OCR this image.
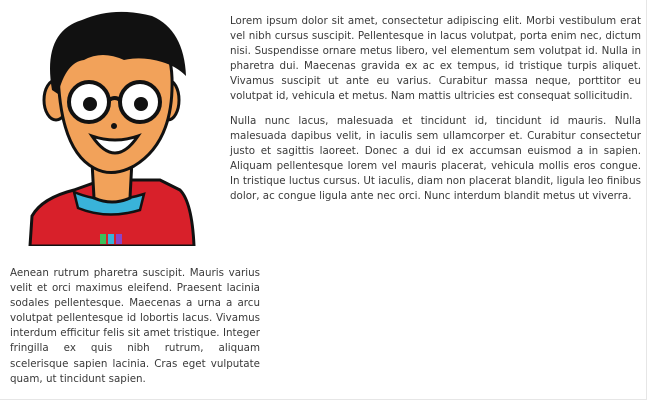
Lorem ipsum dolor sit amet, consectetur adipiscing elit. Morbi vestibulum erat vel nibh cursus suscipit. Pellentesque in lacus volutpat, porta enim nec, dictum nisi. Suspendisse ornare metus libero, vel elementum sem volutpat id. Nulla in pharetra dui. Maecenas gravida ex ac ex tempus, id tristique turpis aliquet. Vivamus suscipit ut ante eu varius. Curabitur massa neque, porttitor eu volutpat id, vehicula et metus. Nam mattis ultricies est consequat sollicitudin.

Nulla nunc lacus, malesuada et tincidunt id, tincidunt id mauris. Nulla malesuada dapibus velit, in iaculis sem ullamcorper et. Curabitur consectetur justo et sagittis laoreet. Donec a dui id ex accumsan euismod a in sapien. Aliquam pellentesque lorem vel mauris placerat, vehicula mollis eros congue. In tristique luctus cursus. Ut iaculis, diam non placerat blandit, ligula leo finibus dolor, ac congue ligula ante nec orci. Nunc interdum blandit metus ut viverra.

Aenean rutrum pharetra suscipit. Mauris varius velit et orci maximus eleifend. Praesent lacinia sodales pellentesque. Maecenas a urna a arcu volutpat pellentesque id lobortis lacus. Vivamus interdum efficitur felis sit amet tristique. Integer fringilla ex quis nibh rutrum, aliquam scelerisque sapien lacinia. Cras eget vulputate quam, ut tincidunt sapien.
